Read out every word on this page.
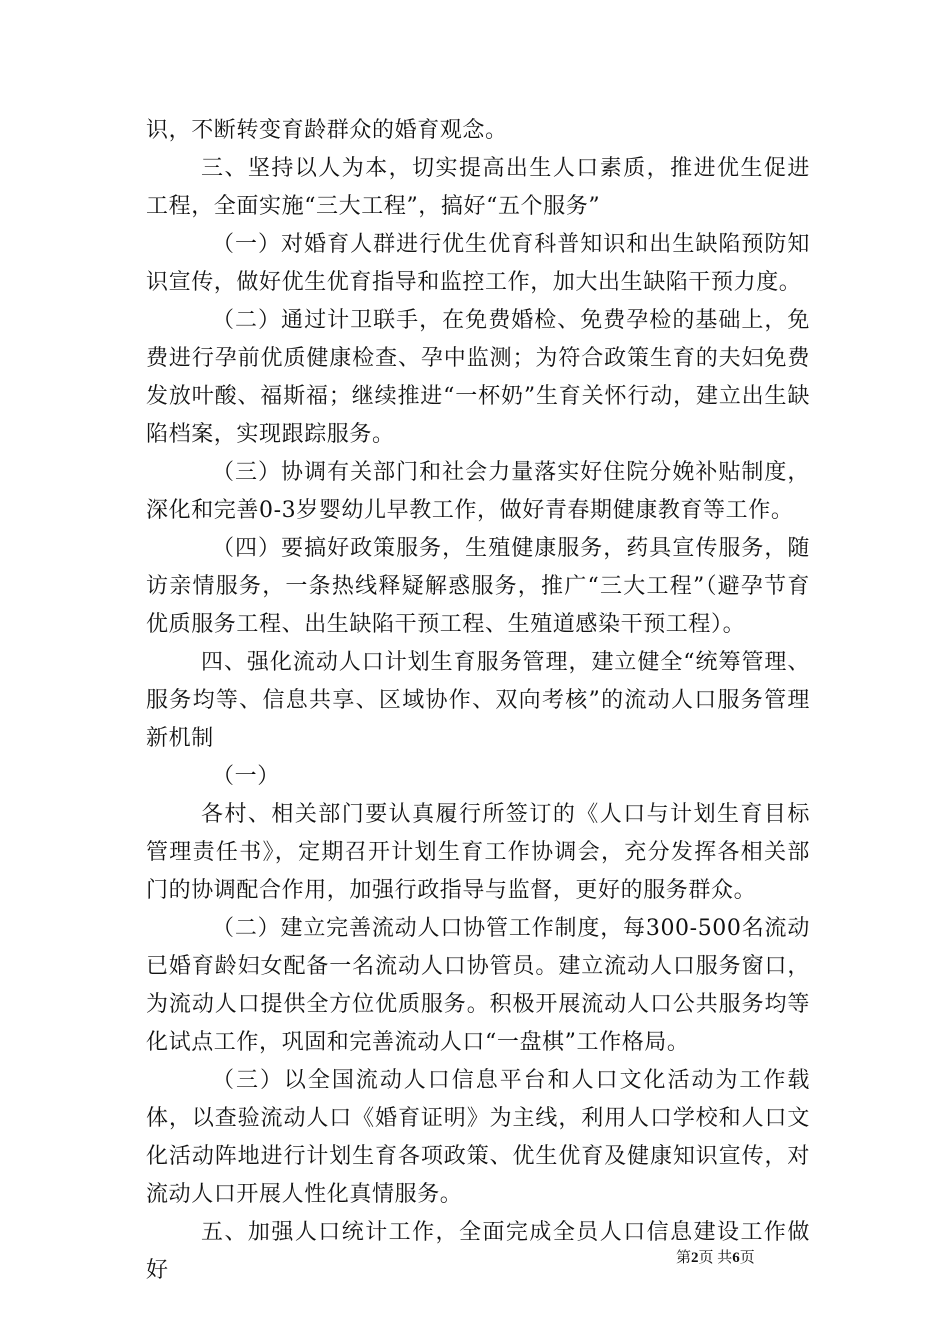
识，不断转变育龄群众的婚育观念。

三、坚持以人为本，切实提高出生人口素质，推进优生促进工程，全面实施“三大工程”，搞好“五个服务”

（一）对婚育人群进行优生优育科普知识和出生缺陷预防知识宣传，做好优生优育指导和监控工作，加大出生缺陷干预力度。

（二）通过计卫联手，在免费婚检、免费孕检的基础上，免费进行孕前优质健康检查、孕中监测；为符合政策生育的夫妇免费发放叶酸、福斯福；继续推进“一杯奶”生育关怀行动，建立出生缺陷档案，实现跟踪服务。

（三）协调有关部门和社会力量落实好住院分娩补贴制度，深化和完善0-3岁婴幼儿早教工作，做好青春期健康教育等工作。

（四）要搞好政策服务，生殖健康服务，药具宣传服务，随访亲情服务，一条热线释疑解惑服务，推广“三大工程”（避孕节育优质服务工程、出生缺陷干预工程、生殖道感染干预工程）。

四、强化流动人口计划生育服务管理，建立健全“统筹管理、服务均等、信息共享、区域协作、双向考核”的流动人口服务管理新机制

（一）

各村、相关部门要认真履行所签订的《人口与计划生育目标管理责任书》，定期召开计划生育工作协调会，充分发挥各相关部门的协调配合作用，加强行政指导与监督，更好的服务群众。

（二）建立完善流动人口协管工作制度，每300-500名流动已婚育龄妇女配备一名流动人口协管员。建立流动人口服务窗口，为流动人口提供全方位优质服务。积极开展流动人口公共服务均等化试点工作，巩固和完善流动人口“一盘棋”工作格局。

（三）以全国流动人口信息平台和人口文化活动为工作载体，以查验流动人口《婚育证明》为主线，利用人口学校和人口文化活动阵地进行计划生育各项政策、优生优育及健康知识宣传，对流动人口开展人性化真情服务。

五、加强人口统计工作，全面完成全员人口信息建设工作做好	第2页 共6页
